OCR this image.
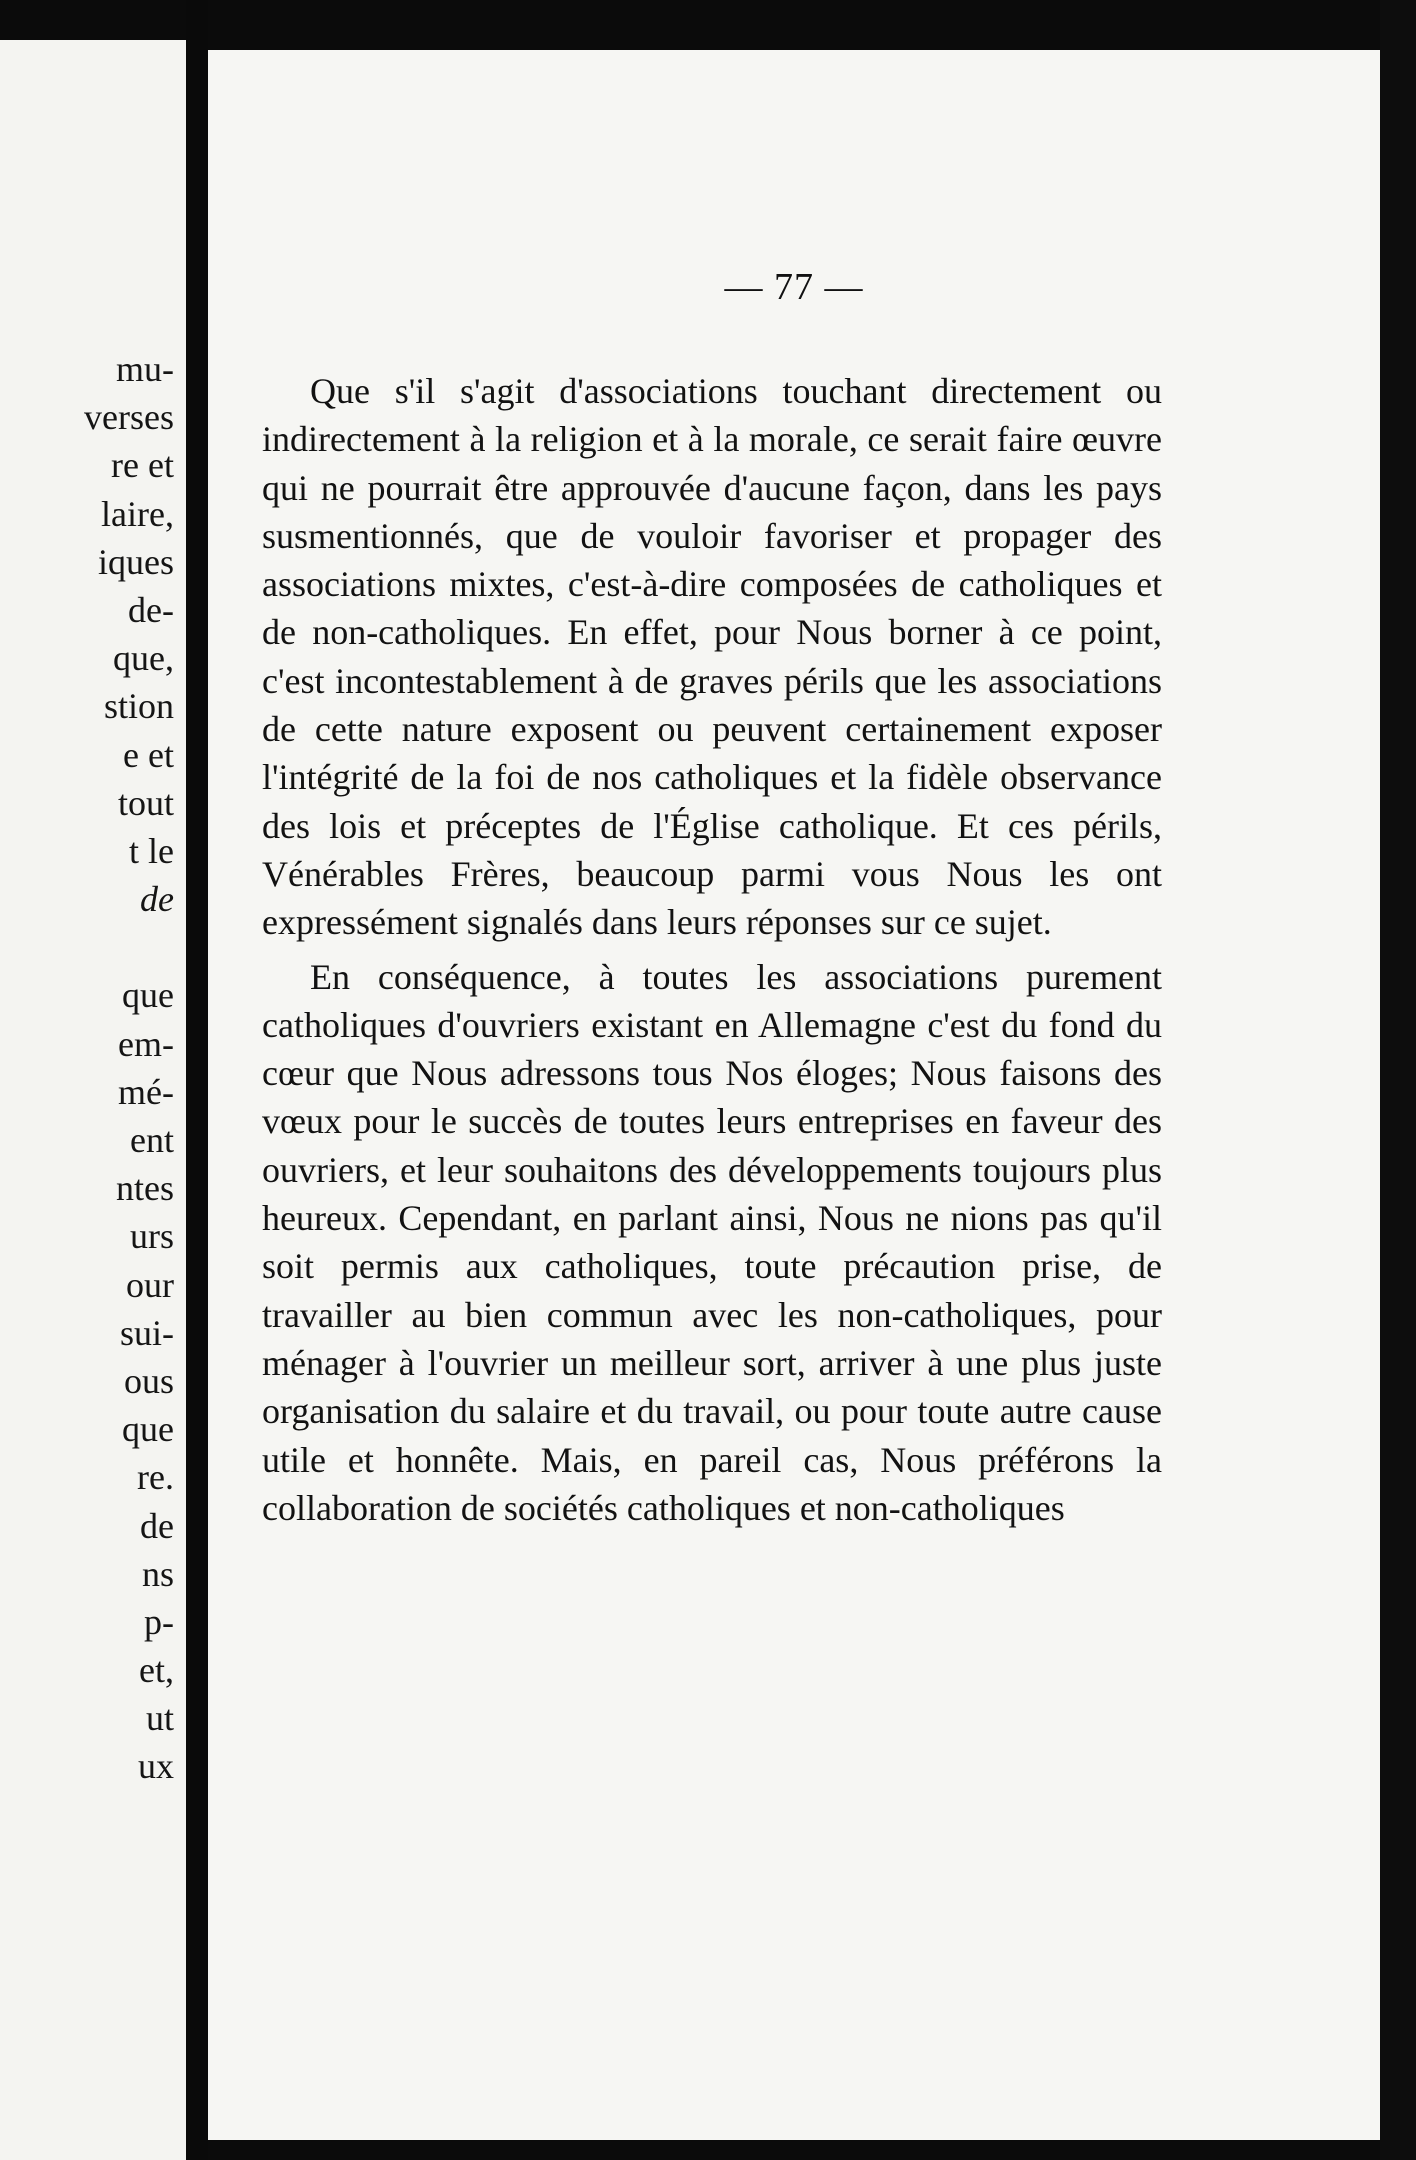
mu-
verses
re et
laire,
iques
de-
que,
stion
e et
tout
t le
de
que
em-
mé-
ent
ntes
urs
our
sui-
ous
que
re.
de
ns
p-
et,
ut
ux
— 77 —

Que s'il s'agit d'associations touchant directement ou indirectement à la religion et à la morale, ce serait faire œuvre qui ne pourrait être approuvée d'aucune façon, dans les pays susmentionnés, que de vouloir favoriser et propager des associations mixtes, c'est-à-dire composées de catholiques et de non-catholiques. En effet, pour Nous borner à ce point, c'est incontestablement à de graves périls que les associations de cette nature exposent ou peuvent certainement exposer l'intégrité de la foi de nos catholiques et la fidèle observance des lois et préceptes de l'Église catholique. Et ces périls, Vénérables Frères, beaucoup parmi vous Nous les ont expressément signalés dans leurs réponses sur ce sujet.

En conséquence, à toutes les associations purement catholiques d'ouvriers existant en Allemagne c'est du fond du cœur que Nous adressons tous Nos éloges; Nous faisons des vœux pour le succès de toutes leurs entreprises en faveur des ouvriers, et leur souhaitons des développements toujours plus heureux. Cependant, en parlant ainsi, Nous ne nions pas qu'il soit permis aux catholiques, toute précaution prise, de travailler au bien commun avec les non-catholiques, pour ménager à l'ouvrier un meilleur sort, arriver à une plus juste organisation du salaire et du travail, ou pour toute autre cause utile et honnête. Mais, en pareil cas, Nous préférons la collaboration de sociétés catholiques et non-catholiques
